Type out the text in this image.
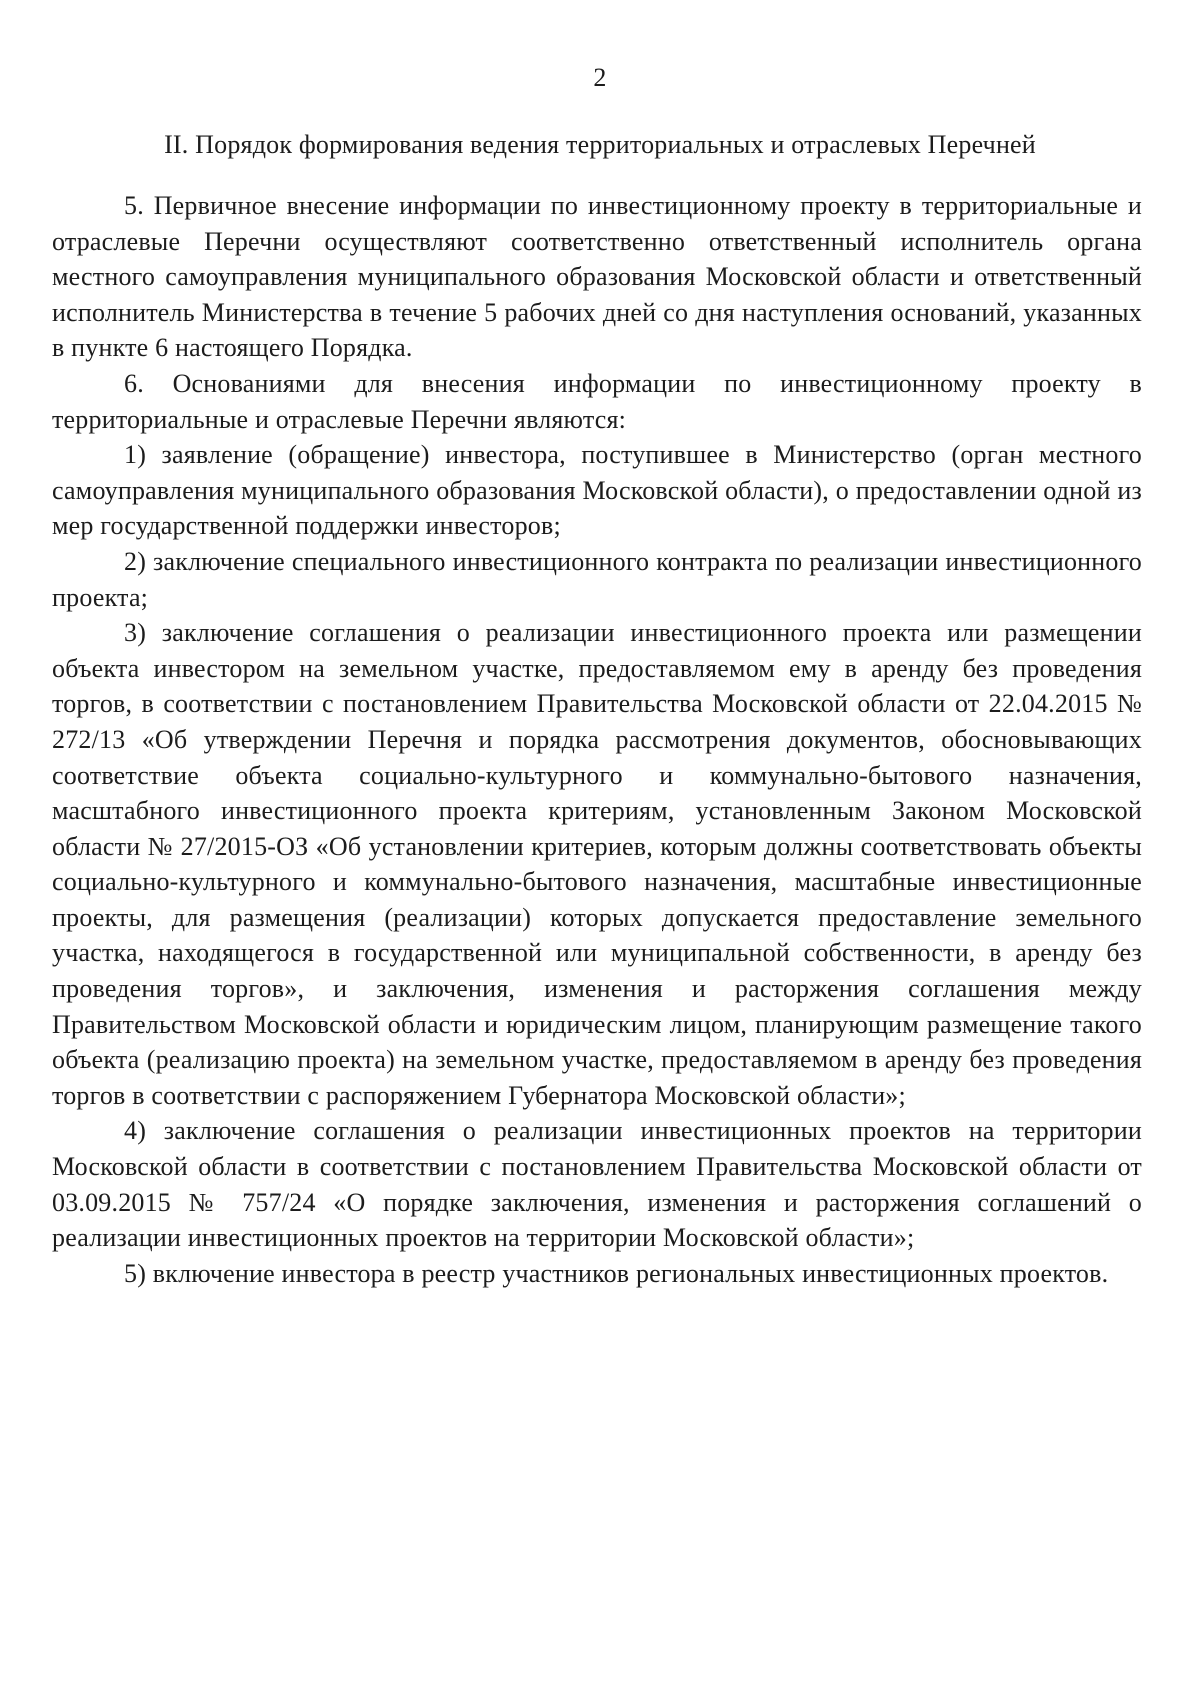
2
II. Порядок формирования ведения территориальных и отраслевых Перечней

5. Первичное внесение информации по инвестиционному проекту в территориальные и отраслевые Перечни осуществляют соответственно ответственный исполнитель органа местного самоуправления муниципального образования Московской области и ответственный исполнитель Министерства в течение 5 рабочих дней со дня наступления оснований, указанных в пункте 6 настоящего Порядка.

6. Основаниями для внесения информации по инвестиционному проекту в территориальные и отраслевые Перечни являются:

1) заявление (обращение) инвестора, поступившее в Министерство (орган местного самоуправления муниципального образования Московской области), о предоставлении одной из мер государственной поддержки инвесторов;

2) заключение специального инвестиционного контракта по реализации инвестиционного проекта;

3) заключение соглашения о реализации инвестиционного проекта или размещении объекта инвестором на земельном участке, предоставляемом ему в аренду без проведения торгов, в соответствии с постановлением Правительства Московской области от 22.04.2015 № 272/13 «Об утверждении Перечня и порядка рассмотрения документов, обосновывающих соответствие объекта социально-культурного и коммунально-бытового назначения, масштабного инвестиционного проекта критериям, установленным Законом Московской области № 27/2015-ОЗ «Об установлении критериев, которым должны соответствовать объекты социально-культурного и коммунально-бытового назначения, масштабные инвестиционные проекты, для размещения (реализации) которых допускается предоставление земельного участка, находящегося в государственной или муниципальной собственности, в аренду без проведения торгов», и заключения, изменения и расторжения соглашения между Правительством Московской области и юридическим лицом, планирующим размещение такого объекта (реализацию проекта) на земельном участке, предоставляемом в аренду без проведения торгов в соответствии с распоряжением Губернатора Московской области»;

4) заключение соглашения о реализации инвестиционных проектов на территории Московской области в соответствии с постановлением Правительства Московской области от 03.09.2015 № 757/24 «О порядке заключения, изменения и расторжения соглашений о реализации инвестиционных проектов на территории Московской области»;

5) включение инвестора в реестр участников региональных инвестиционных проектов.
